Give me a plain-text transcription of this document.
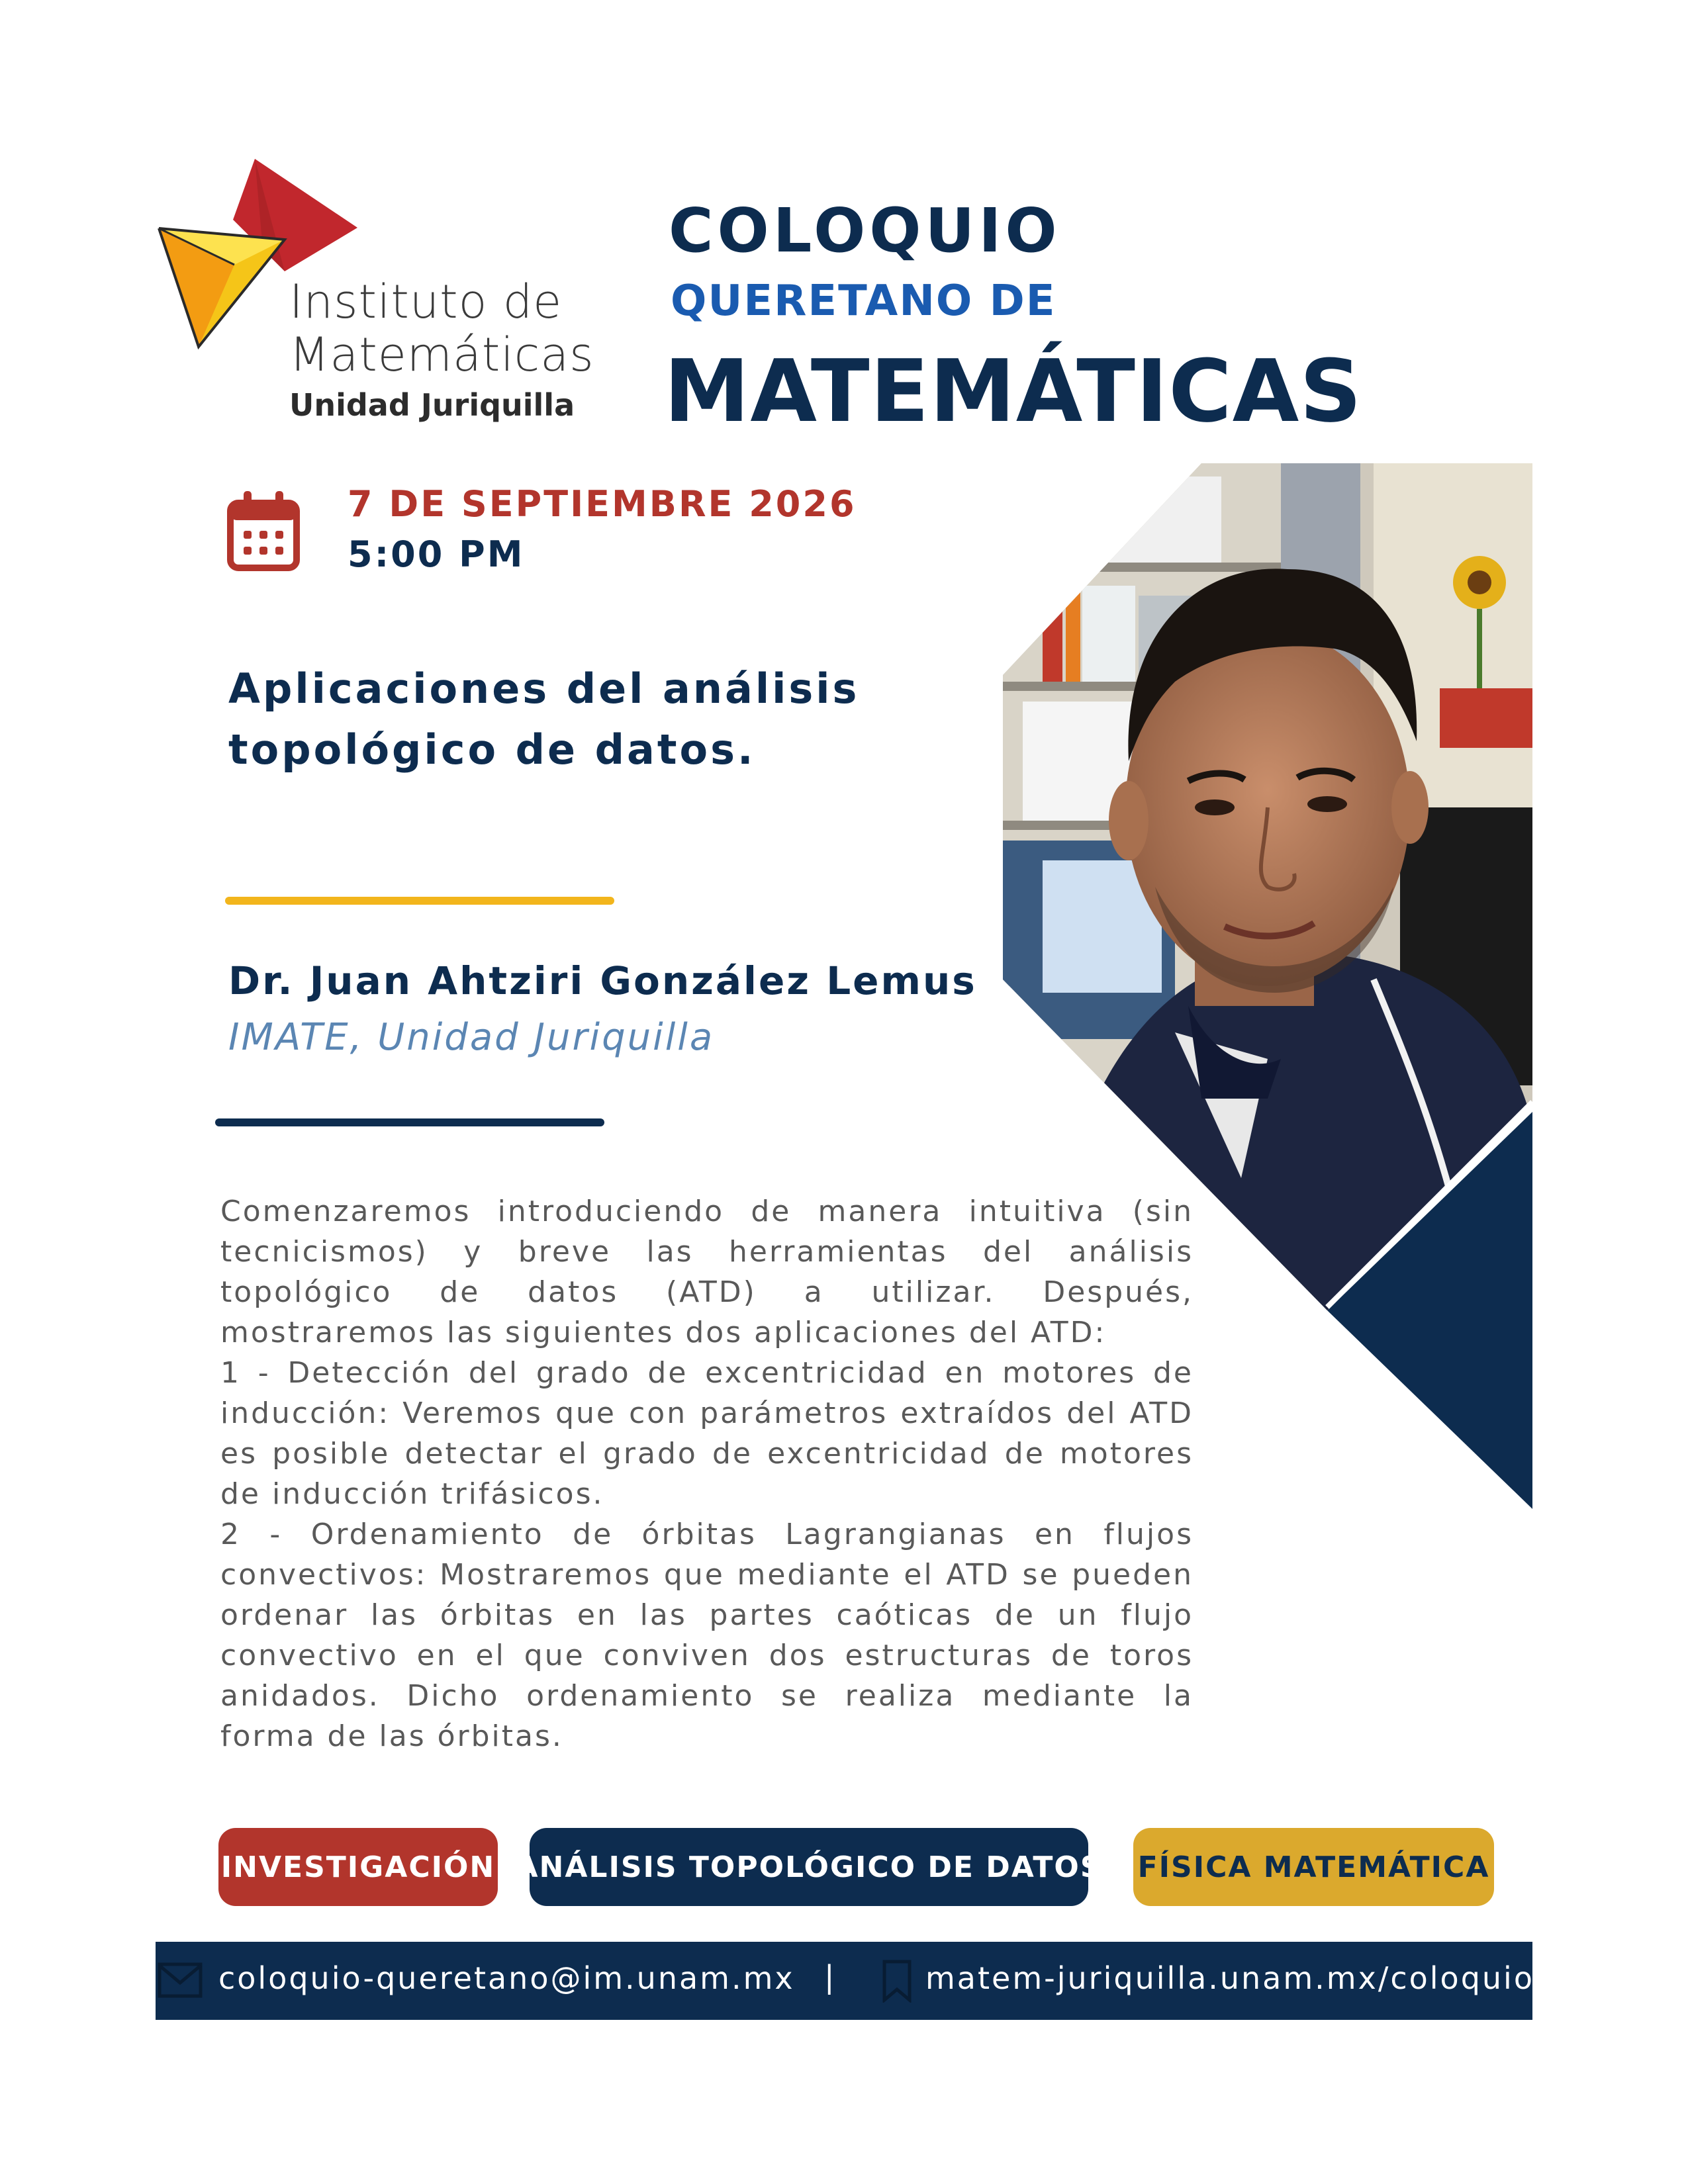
Instituto de
Matemáticas
Unidad Juriquilla
COLOQUIO
QUERETANO DE
MATEMÁTICAS
7 DE SEPTIEMBRE 2026
5:00 PM
Aplicaciones del análisis topológico de datos.
Dr. Juan Ahtziri González Lemus
IMATE, Unidad Juriquilla

Comenzaremos introduciendo de manera intuitiva (sin tecnicismos) y breve las herramientas del análisis topológico de datos (ATD) a utilizar. Después, mostraremos las siguientes dos aplicaciones del ATD:

1 - Detección del grado de excentricidad en motores de inducción: Veremos que con parámetros extraídos del ATD es posible detectar el grado de excentricidad de motores de inducción trifásicos.

2 - Ordenamiento de órbitas Lagrangianas en flujos convectivos: Mostraremos que mediante el ATD se pueden ordenar las órbitas en las partes caóticas de un flujo convectivo en el que conviven dos estructuras de toros anidados. Dicho ordenamiento se realiza mediante la forma de las órbitas.

INVESTIGACIÓN ANÁLISIS TOPOLÓGICO DE DATOS FÍSICA MATEMÁTICA
coloquio-queretano@im.unam.mx |	matem-juriquilla.unam.mx/coloquio
